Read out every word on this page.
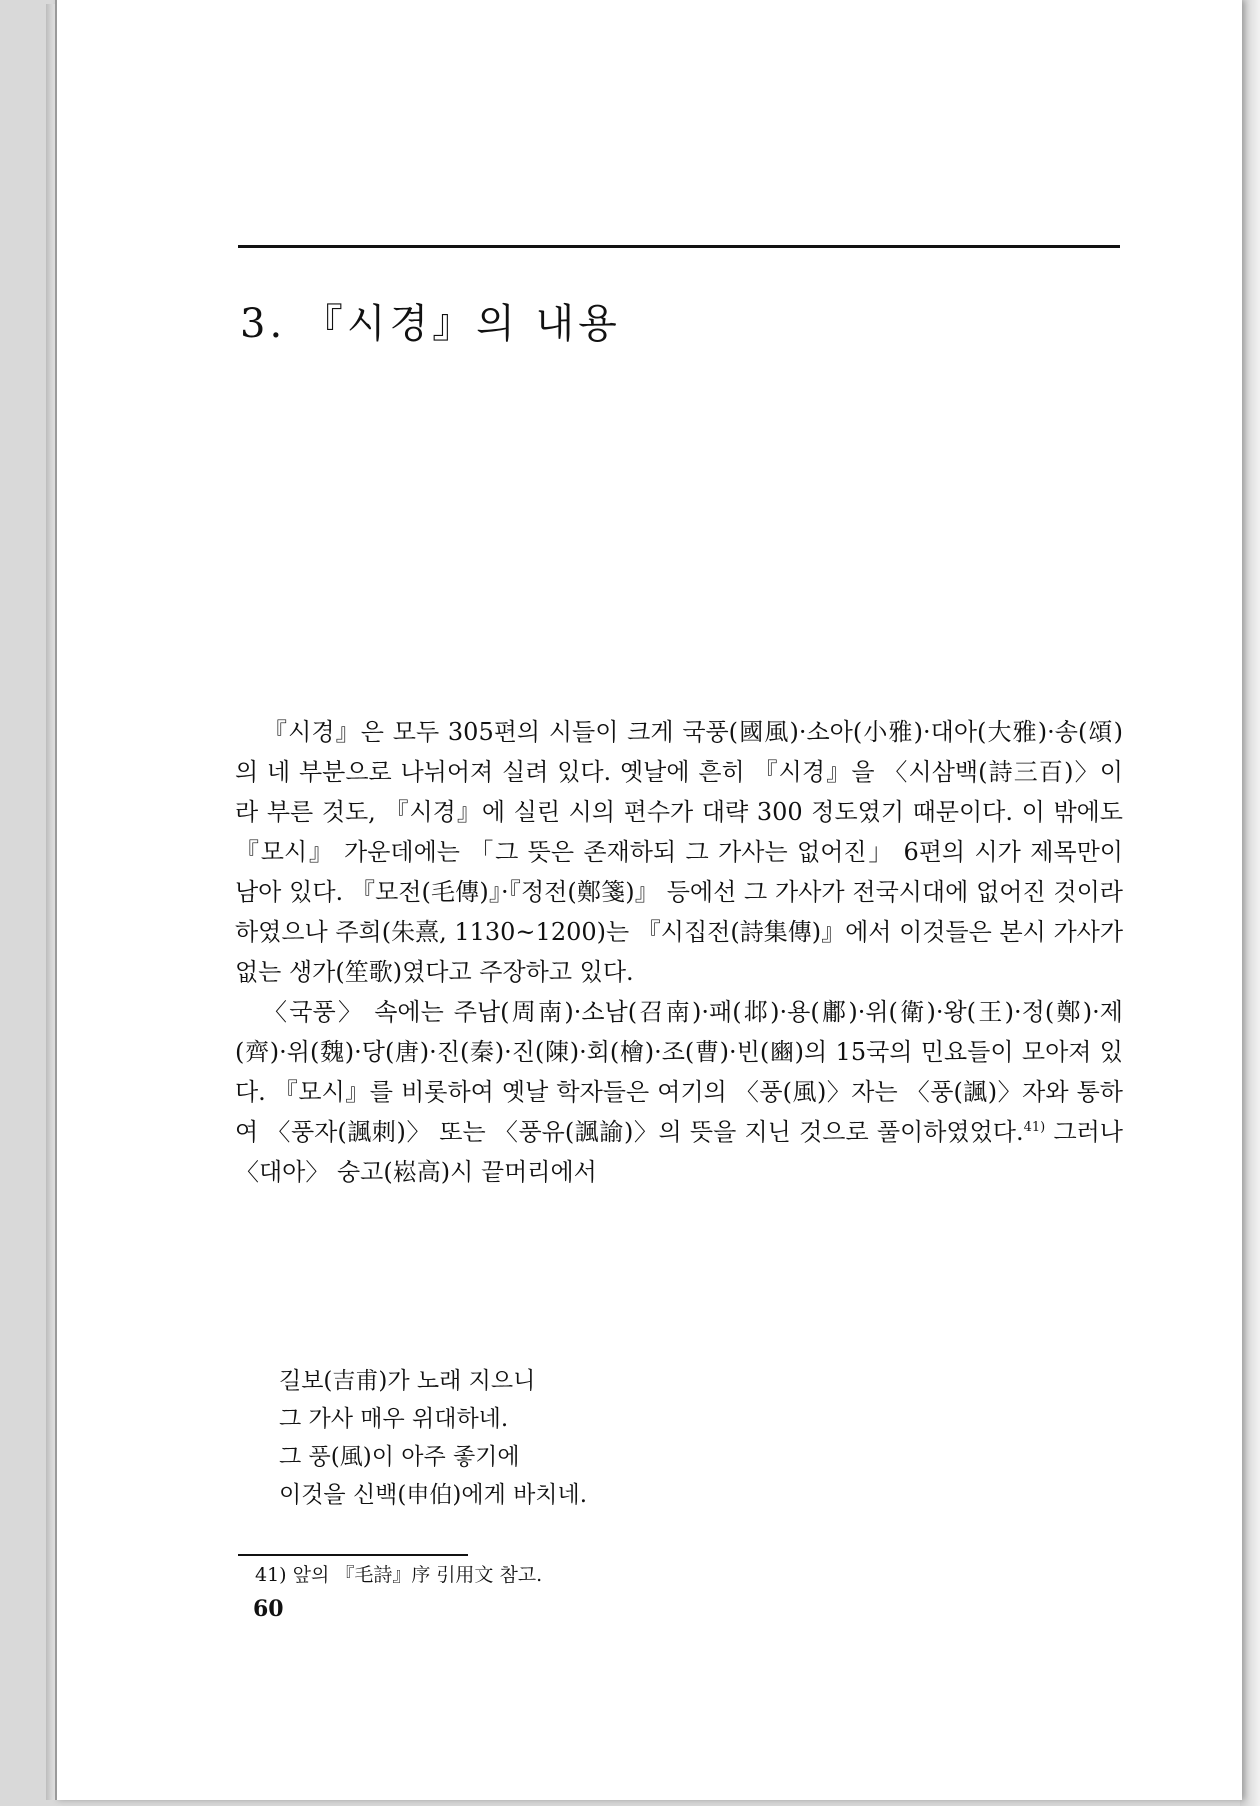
3. 『시경』의 내용

『시경』은 모두 305편의 시들이 크게 국풍(國風)·소아(小雅)·대아(大雅)·송(頌)의 네 부분으로 나뉘어져 실려 있다. 옛날에 흔히 『시경』을 〈시삼백(詩三百)〉이라 부른 것도, 『시경』에 실린 시의 편수가 대략 300 정도였기 때문이다. 이 밖에도 『모시』 가운데에는 「그 뜻은 존재하되 그 가사는 없어진」 6편의 시가 제목만이 남아 있다. 『모전(毛傳)』·『정전(鄭箋)』 등에선 그 가사가 전국시대에 없어진 것이라 하였으나 주희(朱熹, 1130~1200)는 『시집전(詩集傳)』에서 이것들은 본시 가사가 없는 생가(笙歌)였다고 주장하고 있다.

〈국풍〉 속에는 주남(周南)·소남(召南)·패(邶)·용(鄘)·위(衛)·왕(王)·정(鄭)·제(齊)·위(魏)·당(唐)·진(秦)·진(陳)·회(檜)·조(曹)·빈(豳)의 15국의 민요들이 모아져 있다. 『모시』를 비롯하여 옛날 학자들은 여기의 〈풍(風)〉자는 〈풍(諷)〉자와 통하여 〈풍자(諷刺)〉 또는 〈풍유(諷諭)〉의 뜻을 지닌 것으로 풀이하였었다.$^{41)}$ 그러나 〈대아〉 숭고(崧高)시 끝머리에서

길보(吉甫)가 노래 지으니
그 가사 매우 위대하네.
그 풍(風)이 아주 좋기에
이것을 신백(申伯)에게 바치네.
41) 앞의 『毛詩』序 引用文 참고.
60
